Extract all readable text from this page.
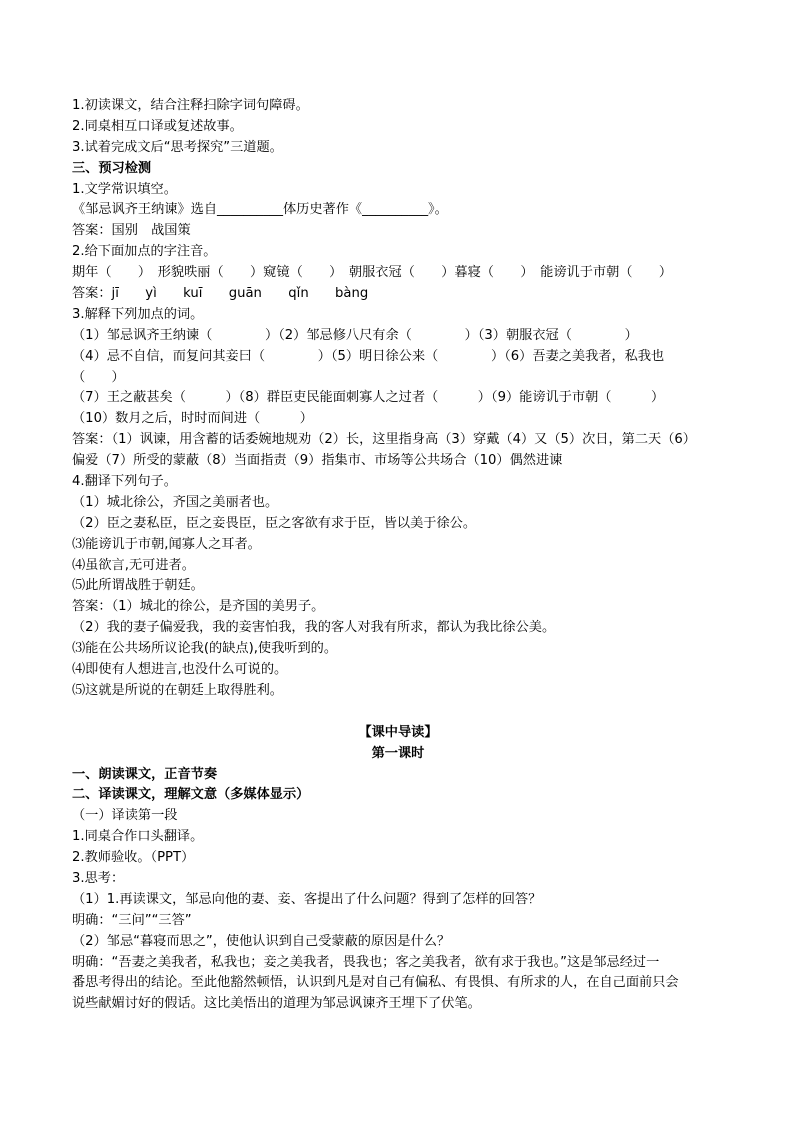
1.初读课文，结合注释扫除字词句障碍。
2.同桌相互口译或复述故事。
3.试着完成文后“思考探究”三道题。
三、预习检测
1.文学常识填空。
《邹忌讽齐王纳谏》选自__________体历史著作《__________》。
答案：国别　战国策
2.给下面加点的字注音。
期年（　　）　形貌昳丽（　　）窥镜（　　）　朝服衣冠（　　）暮寝（　　）　能谤讥于市朝（　　）
答案：jī　　yì　　kuī　　guān　　qǐn　　bàng
3.解释下列加点的词。
（1）邹忌讽齐王纳谏（　　　　）（2）邹忌修八尺有余（　　　　）（3）朝服衣冠（　　　　）
（4）忌不自信，而复问其妾曰（　　　　）（5）明日徐公来（　　　　）（6）吾妻之美我者，私我也
（　　）
（7）王之蔽甚矣（　　　）（8）群臣吏民能面刺寡人之过者（　　　）（9）能谤讥于市朝（　　　）
（10）数月之后，时时而间进（　　　）
答案：（1）讽谏，用含蓄的话委婉地规劝（2）长，这里指身高（3）穿戴（4）又（5）次日，第二天（6）
偏爱（7）所受的蒙蔽（8）当面指责（9）指集市、市场等公共场合（10）偶然进谏
4.翻译下列句子。
（1）城北徐公，齐国之美丽者也。
（2）臣之妻私臣，臣之妾畏臣，臣之客欲有求于臣，皆以美于徐公。
⑶能谤讥于市朝,闻寡人之耳者。
⑷虽欲言,无可进者。
⑸此所谓战胜于朝廷。
答案：（1）城北的徐公，是齐国的美男子。
（2）我的妻子偏爱我，我的妾害怕我，我的客人对我有所求，都认为我比徐公美。
⑶能在公共场所议论我(的缺点),使我听到的。
⑷即使有人想进言,也没什么可说的。
⑸这就是所说的在朝廷上取得胜利。
【课中导读】
第一课时
一、朗读课文，正音节奏
二、译读课文，理解文意（多媒体显示）
（一）译读第一段
1.同桌合作口头翻译。
2.教师验收。（PPT）
3.思考：
（1）1.再读课文，邹忌向他的妻、妾、客提出了什么问题？得到了怎样的回答？
明确：“三问”“三答”
（2）邹忌“暮寝而思之”，使他认识到自己受蒙蔽的原因是什么？
明确：“吾妻之美我者，私我也；妾之美我者，畏我也；客之美我者，欲有求于我也。”这是邹忌经过一
番思考得出的结论。至此他豁然顿悟，认识到凡是对自己有偏私、有畏惧、有所求的人，在自己面前只会
说些献媚讨好的假话。这比美悟出的道理为邹忌讽谏齐王埋下了伏笔。
